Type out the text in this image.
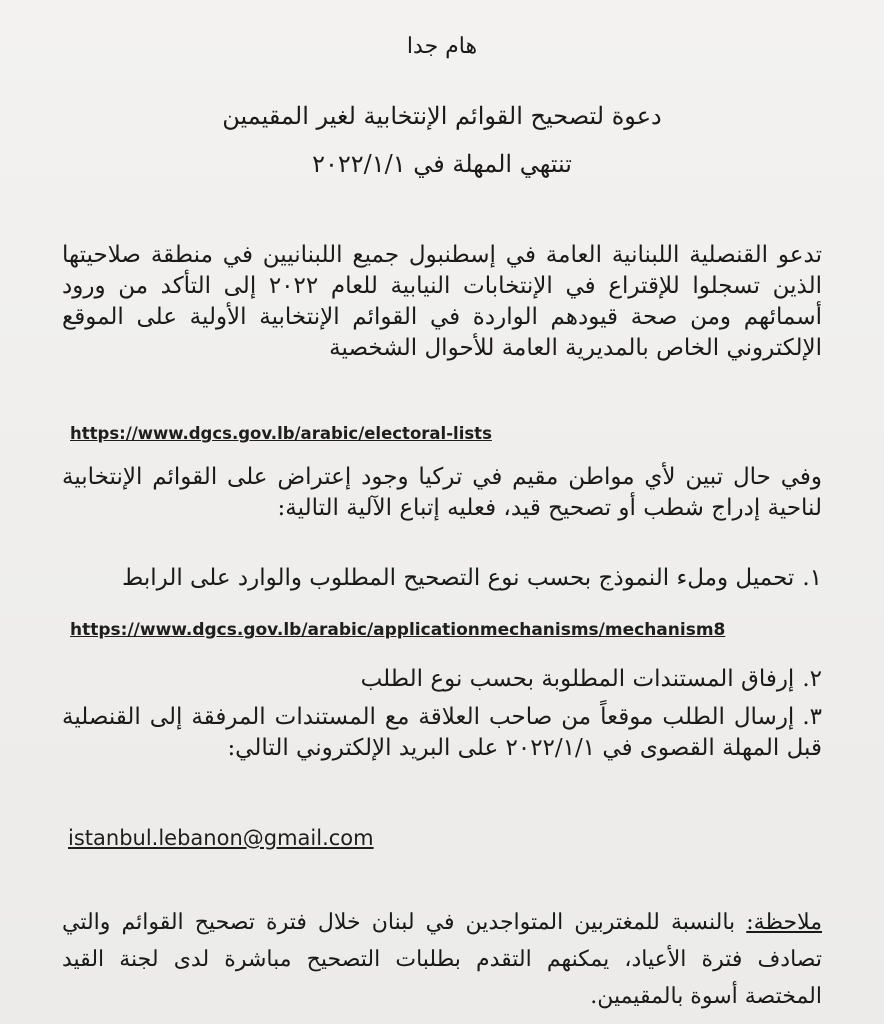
هام جدا
دعوة لتصحيح القوائم الإنتخابية لغير المقيمين
تنتهي المهلة في ٢٠٢٢/١/١
تدعو القنصلية اللبنانية العامة في إسطنبول جميع اللبنانيين في منطقة صلاحيتها الذين تسجلوا للإقتراع في الإنتخابات النيابية للعام ٢٠٢٢ إلى التأكد من ورود أسمائهم ومن صحة قيودهم الواردة في القوائم الإنتخابية الأولية على الموقع الإلكتروني الخاص بالمديرية العامة للأحوال الشخصية
https://www.dgcs.gov.lb/arabic/electoral-lists
وفي حال تبين لأي مواطن مقيم في تركيا وجود إعتراض على القوائم الإنتخابية لناحية إدراج شطب أو تصحيح قيد، فعليه إتباع الآلية التالية:
١.تحميل وملء النموذج بحسب نوع التصحيح المطلوب والوارد على الرابط
https://www.dgcs.gov.lb/arabic/applicationmechanisms/mechanism8
٢.إرفاق المستندات المطلوبة بحسب نوع الطلب
٣.إرسال الطلب موقعاً من صاحب العلاقة مع المستندات المرفقة إلى القنصلية قبل المهلة القصوى في ٢٠٢٢/١/١ على البريد الإلكتروني التالي:
istanbul.lebanon@gmail.com
ملاحظة: بالنسبة للمغتربين المتواجدين في لبنان خلال فترة تصحيح القوائم والتي تصادف فترة الأعياد، يمكنهم التقدم بطلبات التصحيح مباشرة لدى لجنة القيد المختصة أسوة بالمقيمين.
